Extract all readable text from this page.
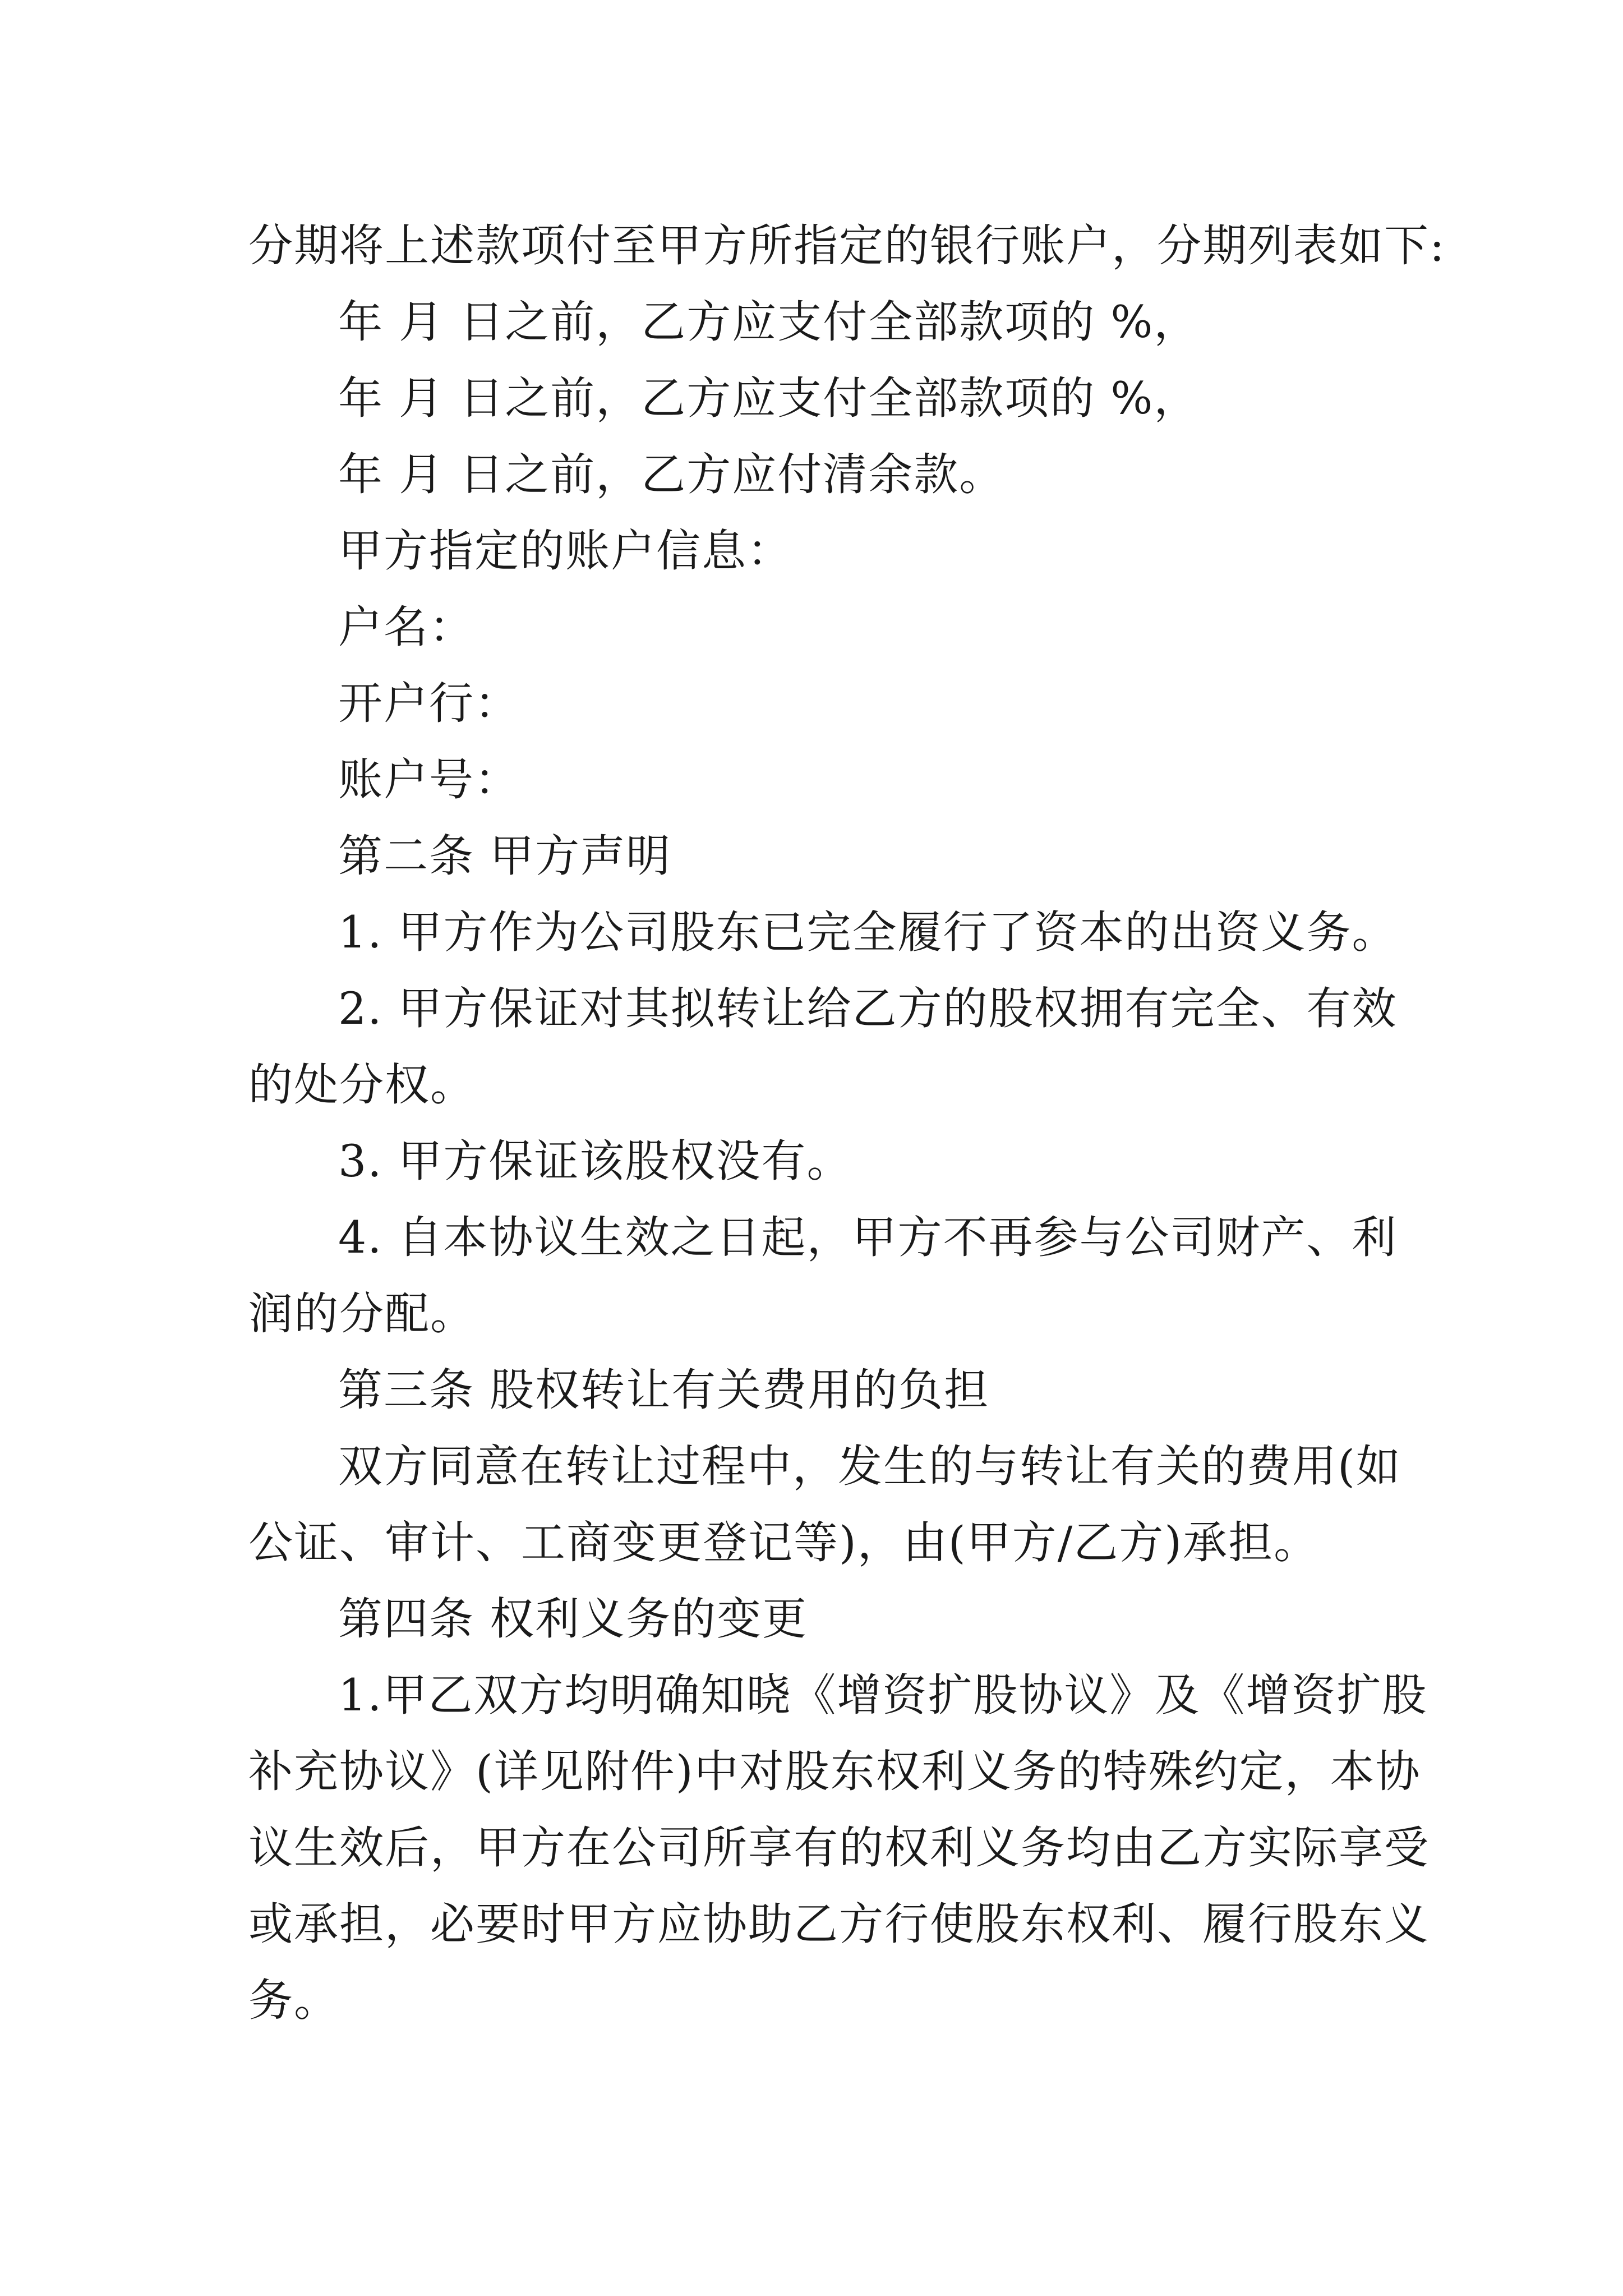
分期将上述款项付至甲方所指定的银行账户，分期列表如下:

年 月 日之前，乙方应支付全部款项的 %，

年 月 日之前，乙方应支付全部款项的 %，

年 月 日之前，乙方应付清余款。

甲方指定的账户信息：

户名：

开户行：

账户号：

第二条 甲方声明

1. 甲方作为公司股东已完全履行了资本的出资义务。

2. 甲方保证对其拟转让给乙方的股权拥有完全、有效

的处分权。

3. 甲方保证该股权没有。

4. 自本协议生效之日起，甲方不再参与公司财产、利

润的分配。

第三条 股权转让有关费用的负担

双方同意在转让过程中，发生的与转让有关的费用(如

公证、审计、工商变更登记等)，由(甲方/乙方)承担。

第四条 权利义务的变更

1.甲乙双方均明确知晓《增资扩股协议》及《增资扩股

补充协议》(详见附件)中对股东权利义务的特殊约定，本协

议生效后，甲方在公司所享有的权利义务均由乙方实际享受

或承担，必要时甲方应协助乙方行使股东权利、履行股东义

务。
